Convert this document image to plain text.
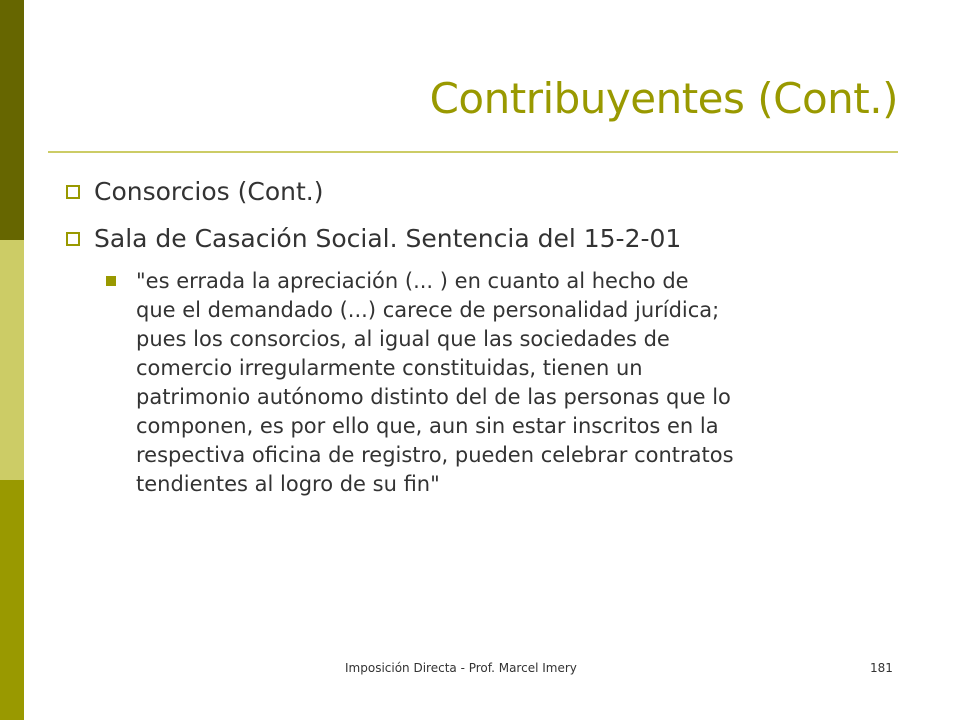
Contribuyentes (Cont.)
Consorcios (Cont.)
Sala de Casación Social. Sentencia del 15-2-01

"es errada la apreciación (... ) en cuanto al hecho de
que el demandado (...) carece de personalidad jurídica;
pues los consorcios, al igual que las sociedades de
comercio irregularmente constituidas, tienen un
patrimonio autónomo distinto del de las personas que lo
componen, es por ello que, aun sin estar inscritos en la
respectiva oficina de registro, pueden celebrar contratos
tendientes al logro de su fin"

Imposición Directa - Prof. Marcel Imery	181
